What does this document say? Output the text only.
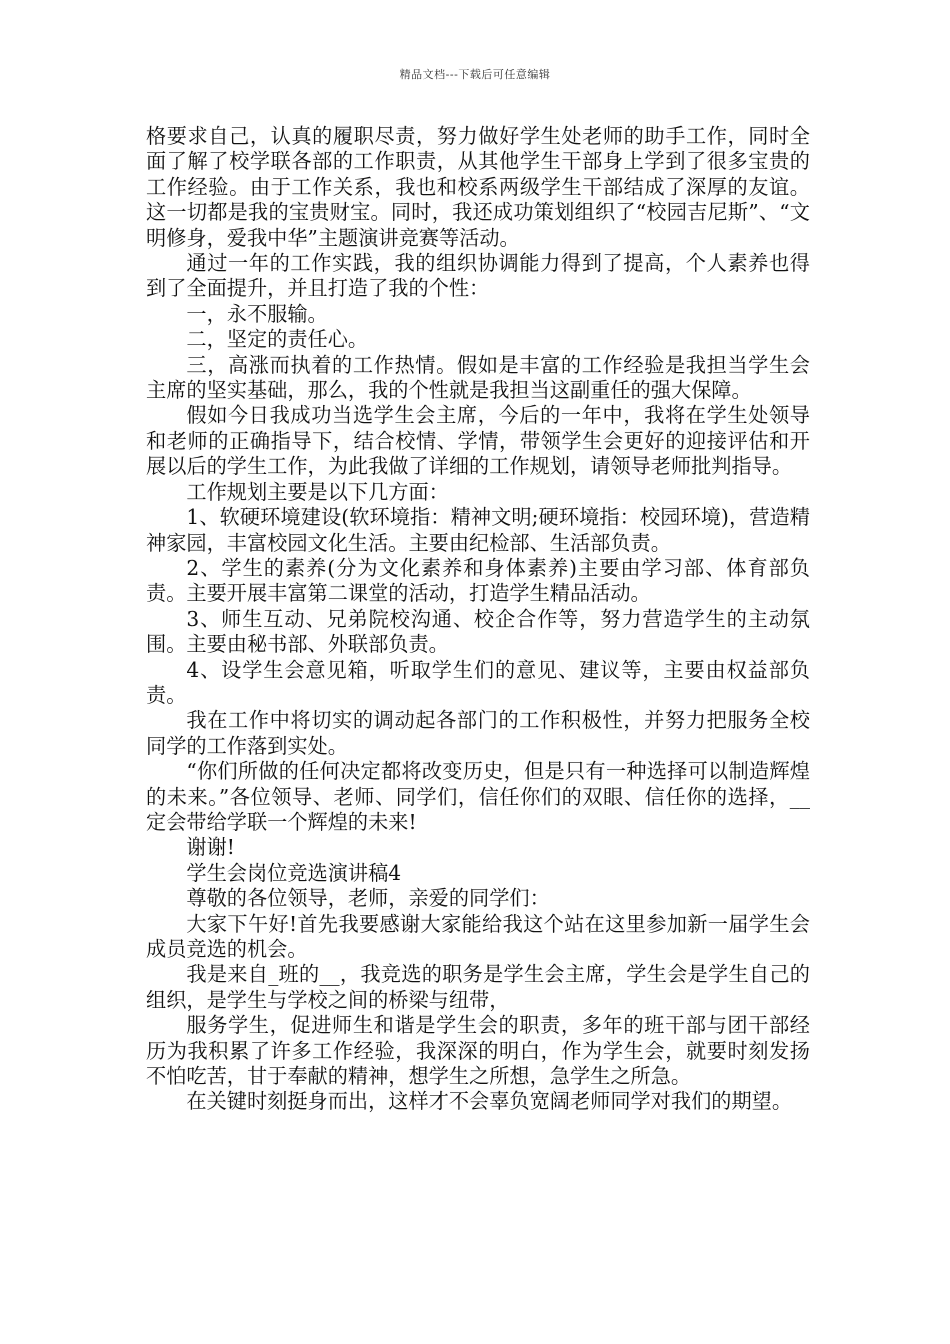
精品文档---下载后可任意编辑

格要求自己，认真的履职尽责，努力做好学生处老师的助手工作，同时全面了解了校学联各部的工作职责，从其他学生干部身上学到了很多宝贵的工作经验。由于工作关系，我也和校系两级学生干部结成了深厚的友谊。这一切都是我的宝贵财宝。同时，我还成功策划组织了“校园吉尼斯”、“文明修身，爱我中华”主题演讲竞赛等活动。

通过一年的工作实践，我的组织协调能力得到了提高，个人素养也得到了全面提升，并且打造了我的个性：

一，永不服输。

二，坚定的责任心。

三，高涨而执着的工作热情。假如是丰富的工作经验是我担当学生会主席的坚实基础，那么，我的个性就是我担当这副重任的强大保障。

假如今日我成功当选学生会主席，今后的一年中，我将在学生处领导和老师的正确指导下，结合校情、学情，带领学生会更好的迎接评估和开展以后的学生工作，为此我做了详细的工作规划，请领导老师批判指导。

工作规划主要是以下几方面：

1、软硬环境建设(软环境指：精神文明;硬环境指：校园环境)，营造精神家园，丰富校园文化生活。主要由纪检部、生活部负责。

2、学生的素养(分为文化素养和身体素养)主要由学习部、体育部负责。主要开展丰富第二课堂的活动，打造学生精品活动。

3、师生互动、兄弟院校沟通、校企合作等，努力营造学生的主动氛围。主要由秘书部、外联部负责。

4、设学生会意见箱，听取学生们的意见、建议等，主要由权益部负责。

我在工作中将切实的调动起各部门的工作积极性，并努力把服务全校同学的工作落到实处。

“你们所做的任何决定都将改变历史，但是只有一种选择可以制造辉煌的未来。”各位领导、老师、同学们，信任你们的双眼、信任你的选择，__定会带给学联一个辉煌的未来!

谢谢!

学生会岗位竞选演讲稿4

尊敬的各位领导，老师，亲爱的同学们：

大家下午好!首先我要感谢大家能给我这个站在这里参加新一届学生会成员竞选的机会。

我是来自_班的__，我竞选的职务是学生会主席，学生会是学生自己的组织，是学生与学校之间的桥梁与纽带，

服务学生，促进师生和谐是学生会的职责，多年的班干部与团干部经历为我积累了许多工作经验，我深深的明白，作为学生会，就要时刻发扬不怕吃苦，甘于奉献的精神，想学生之所想，急学生之所急。

在关键时刻挺身而出，这样才不会辜负宽阔老师同学对我们的期望。
